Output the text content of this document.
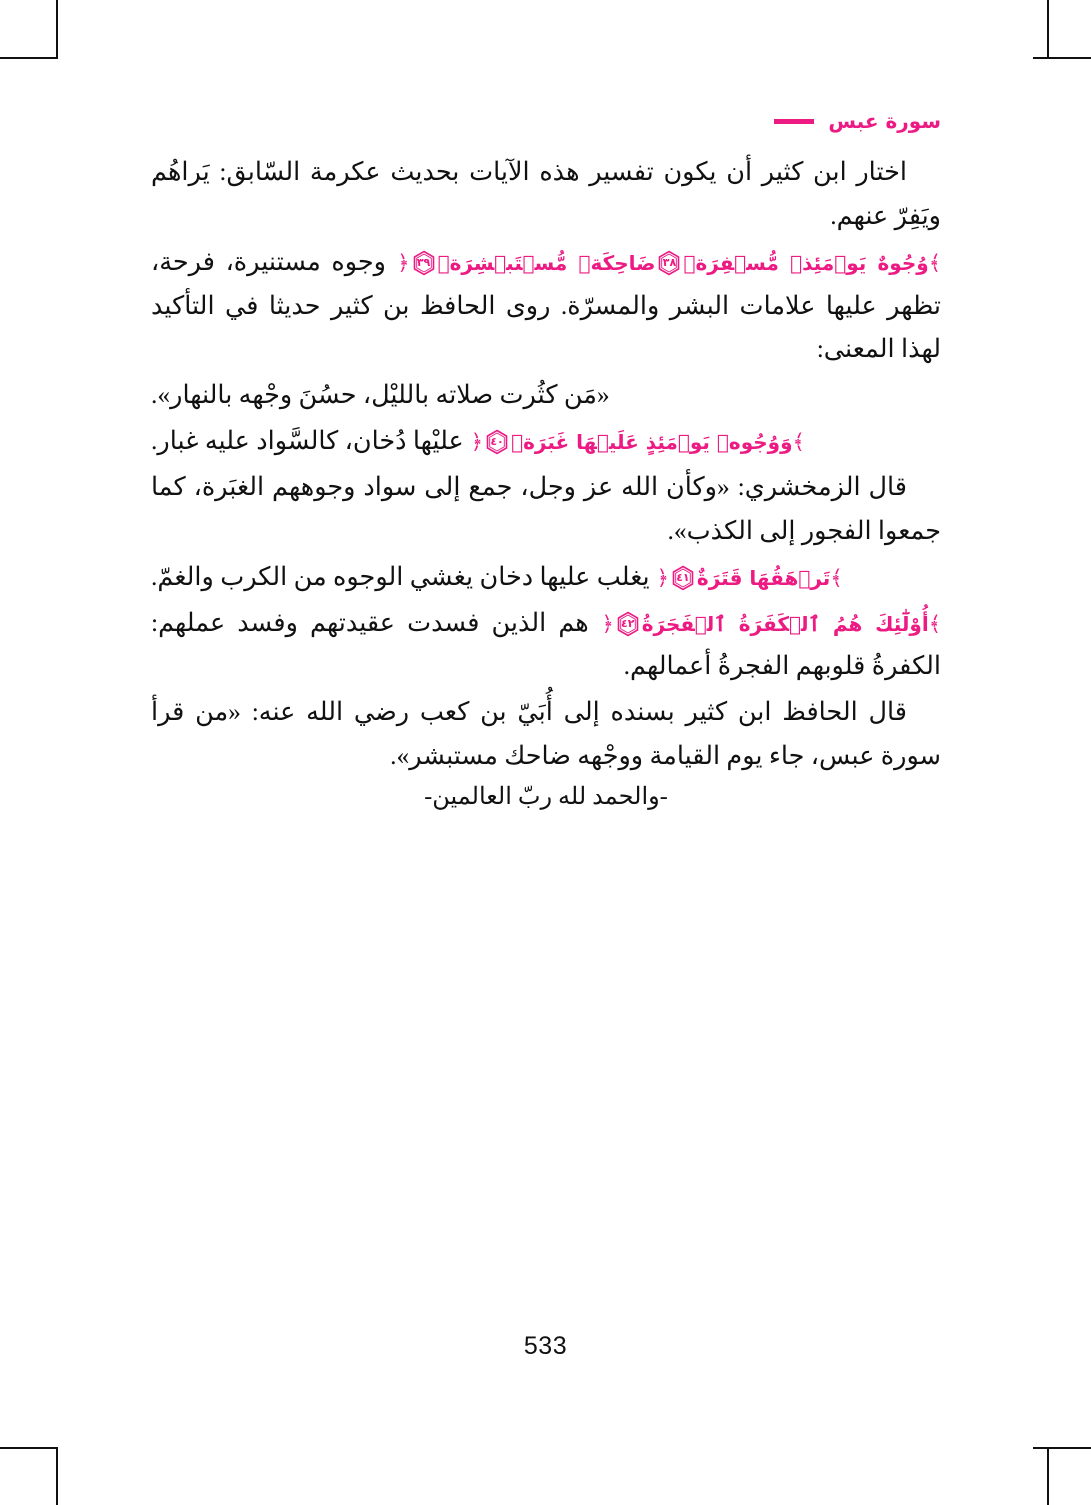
سورة عبس

اختار ابن كثير أن يكون تفسير هذه الآيات بحديث عكرمة السّابق: يَراهُم ويَفِرّ عنهم.

﴾وُجُوهٌ يَوۡمَئِذٖ مُّسۡفِرَةٞ
٣٨
ضَاحِكَةٞ مُّسۡتَبۡشِرَةٞ
٣٩
﴿ وجوه مستنيرة، فرحة، تظهر عليها علامات البشر والمسرّة. روى الحافظ بن كثير حديثا في التأكيد لهذا المعنى:

«مَن كثُرت صلاته بالليْل، حسُنَ وجْهه بالنهار».

﴾وَوُجُوهٞ يَوۡمَئِذٍ عَلَيۡهَا غَبَرَةٞ
٤٠
﴿ عليْها دُخان، كالسَّواد عليه غبار.

قال الزمخشري: «وكأن الله عز وجل، جمع إلى سواد وجوههم الغبَرة، كما جمعوا الفجور إلى الكذب».

﴾تَرۡهَقُهَا قَتَرَةٌ
٤١
﴿ يغلب عليها دخان يغشي الوجوه من الكرب والغمّ.

﴾أُوْلَٰٓئِكَ هُمُ ٱلۡكَفَرَةُ ٱلۡفَجَرَةُ
٤٢
﴿ هم الذين فسدت عقيدتهم وفسد عملهم: الكفرةُ قلوبهم الفجرةُ أعمالهم.

قال الحافظ ابن كثير بسنده إلى أُبَيّ بن كعب رضي الله عنه: «من قرأ سورة عبس، جاء يوم القيامة ووجْهه ضاحك مستبشر».

-والحمد لله ربّ العالمين-
533
